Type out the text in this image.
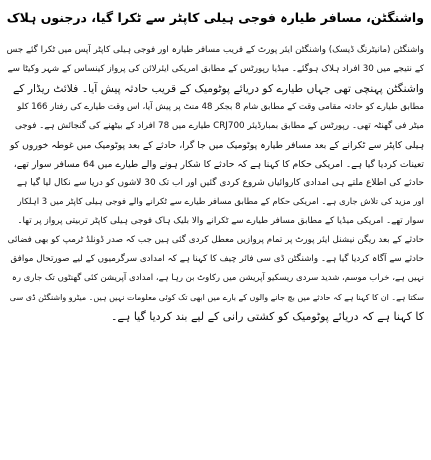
واشنگٹن، مسافر طیارہ فوجی ہیلی کاپٹر سے ٹکرا گیا، درجنوں ہلاک
واشنگٹن (مانیٹرنگ ڈیسک) واشنگٹن ایئر پورٹ کے قریب مسافر طیارہ اور فوجی ہیلی کاپٹر آپس میں ٹکرا گئے جس
کے نتیجے میں 30 افراد ہلاک ہوگئے۔ میڈیا رپورٹس کے مطابق امریکی ایئرلائن کی پرواز کینساس کے شہر وکیٹا سے
واشنگٹن پہنچی تھی جہاں طیارے کو دریائے پوٹومیک کے قریب حادثہ پیش آیا۔ فلائٹ ریڈار کے
مطابق طیارے کو حادثہ مقامی وقت کے مطابق شام 8 بجکر 48 منٹ پر پیش آیا، اس وقت طیارے کی رفتار 166 کلو
میٹر فی گھنٹہ تھی۔ رپورٹس کے مطابق بمبارڈیئر CRJ700 طیارے میں 78 افراد کے بیٹھنے کی گنجائش ہے۔ فوجی
ہیلی کاپٹر سے ٹکرانے کے بعد مسافر طیارہ پوٹومیک میں جا گرا، حادثے کے بعد پوٹومیک میں غوطہ خوروں کو
تعینات کردیا گیا ہے۔ امریکی حکام کا کہنا ہے کہ حادثے کا شکار ہونے والے طیارے میں 64 مسافر سوار تھے،
حادثے کی اطلاع ملتے ہی امدادی کاروائیاں شروع کردی گئیں اور اب تک 30 لاشوں کو دریا سے نکال لیا گیا ہے
اور مزید کی تلاش جاری ہے۔ امریکی حکام کے مطابق مسافر طیارے سے ٹکرانے والے فوجی ہیلی کاپٹر میں 3 اہلکار
سوار تھے۔ امریکی میڈیا کے مطابق مسافر طیارے سے ٹکرانے والا بلیک ہاک فوجی ہیلی کاپٹر تربیتی پرواز پر تھا۔
حادثے کے بعد ریگن نیشنل ایئر پورٹ پر تمام پروازیں معطل کردی گئی ہیں جب کہ صدر ڈونلڈ ٹرمپ کو بھی فضائی
حادثے سے آگاہ کردیا گیا ہے۔ واشنگٹن ڈی سی فائر چیف کا کہنا ہے کہ امدادی سرگرمیوں کے لیے صورتحال موافق
نہیں ہے، خراب موسم، شدید سردی ریسکیو آپریشن میں رکاوٹ بن رہا ہے، امدادی آپریشن کئی گھنٹوں تک جاری رہ
سکتا ہے۔ ان کا کہنا ہے کہ حادثے میں بچ جانے والوں کے بارے میں ابھی تک کوئی معلومات نہیں ہیں۔ میٹرو واشنگٹن ڈی سی
کا کہنا ہے کہ دریائے پوٹومیک کو کشتی رانی کے لیے بند کردیا گیا ہے۔
